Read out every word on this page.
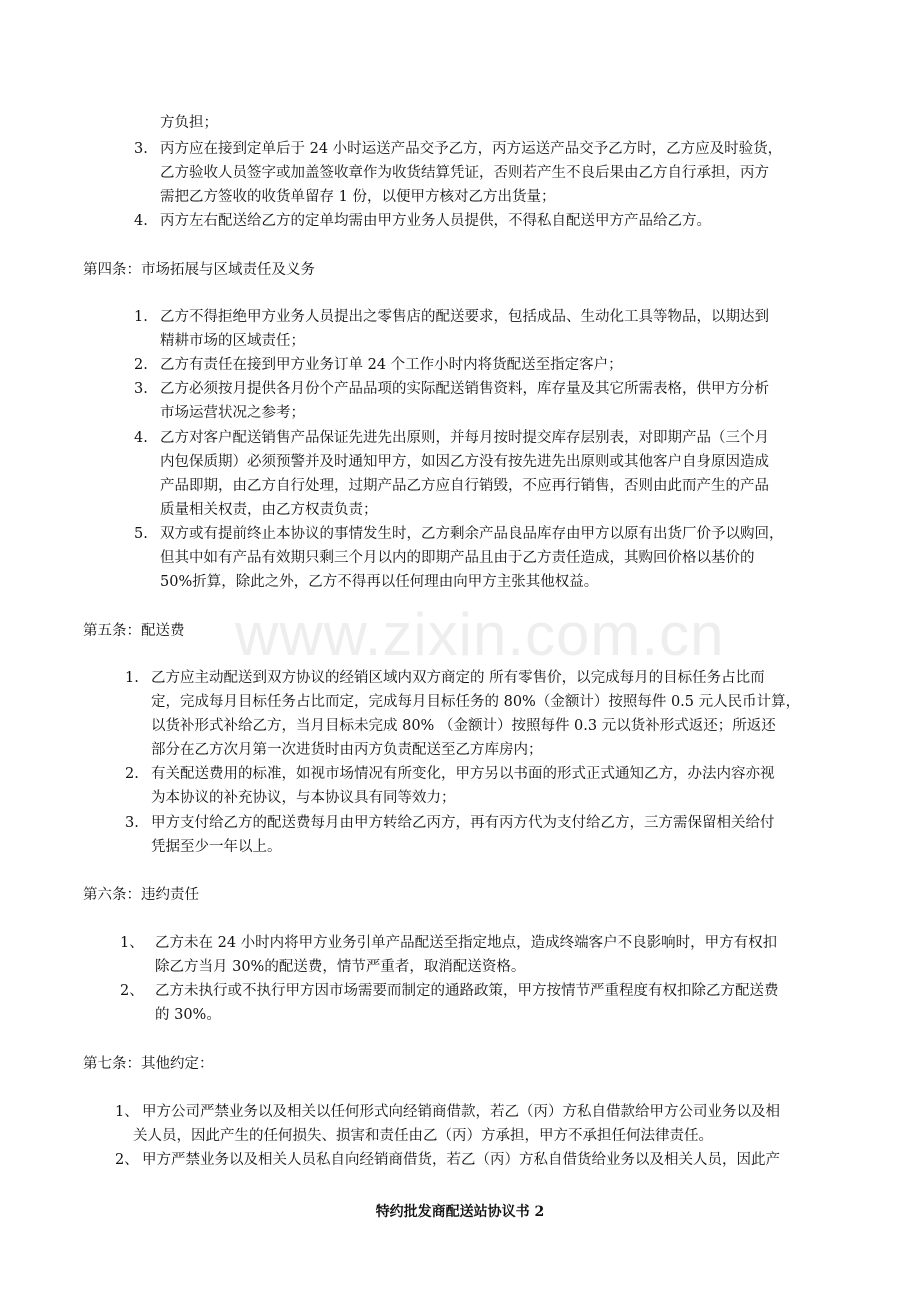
www.zixin.com.cn
方负担；
3. 丙方应在接到定单后于 24 小时运送产品交予乙方，丙方运送产品交予乙方时，乙方应及时验货，
乙方验收人员签字或加盖签收章作为收货结算凭证，否则若产生不良后果由乙方自行承担，丙方
需把乙方签收的收货单留存 1 份，以便甲方核对乙方出货量；
4. 丙方左右配送给乙方的定单均需由甲方业务人员提供，不得私自配送甲方产品给乙方。
第四条：市场拓展与区域责任及义务
1. 乙方不得拒绝甲方业务人员提出之零售店的配送要求，包括成品、生动化工具等物品，以期达到
精耕市场的区域责任；
2. 乙方有责任在接到甲方业务订单 24 个工作小时内将货配送至指定客户；
3. 乙方必须按月提供各月份个产品品项的实际配送销售资料，库存量及其它所需表格，供甲方分析
市场运营状况之参考；
4. 乙方对客户配送销售产品保证先进先出原则，并每月按时提交库存层别表，对即期产品（三个月
内包保质期）必须预警并及时通知甲方，如因乙方没有按先进先出原则或其他客户自身原因造成
产品即期，由乙方自行处理，过期产品乙方应自行销毁，不应再行销售，否则由此而产生的产品
质量相关权责，由乙方权责负责；
5. 双方或有提前终止本协议的事情发生时，乙方剩余产品良品库存由甲方以原有出货厂价予以购回，
但其中如有产品有效期只剩三个月以内的即期产品且由于乙方责任造成，其购回价格以基价的
50%折算，除此之外，乙方不得再以任何理由向甲方主张其他权益。
第五条：配送费
1. 乙方应主动配送到双方协议的经销区域内双方商定的 所有零售价，以完成每月的目标任务占比而
定，完成每月目标任务占比而定，完成每月目标任务的 80%（金额计）按照每件 0.5 元人民币计算，
以货补形式补给乙方，当月目标未完成 80% （金额计）按照每件 0.3 元以货补形式返还；所返还
部分在乙方次月第一次进货时由丙方负责配送至乙方库房内；
2. 有关配送费用的标准，如视市场情况有所变化，甲方另以书面的形式正式通知乙方，办法内容亦视
为本协议的补充协议，与本协议具有同等效力；
3. 甲方支付给乙方的配送费每月由甲方转给乙丙方，再有丙方代为支付给乙方，三方需保留相关给付
凭据至少一年以上。
第六条：违约责任
1、 乙方未在 24 小时内将甲方业务引单产品配送至指定地点，造成终端客户不良影响时，甲方有权扣
除乙方当月 30%的配送费，情节严重者，取消配送资格。
2、 乙方未执行或不执行甲方因市场需要而制定的通路政策，甲方按情节严重程度有权扣除乙方配送费
的 30%。
第七条：其他约定：
1、 甲方公司严禁业务以及相关以任何形式向经销商借款，若乙（丙）方私自借款给甲方公司业务以及相
关人员，因此产生的任何损失、损害和责任由乙（丙）方承担，甲方不承担任何法律责任。
2、 甲方严禁业务以及相关人员私自向经销商借货，若乙（丙）方私自借货给业务以及相关人员，因此产
特约批发商配送站协议书 2
